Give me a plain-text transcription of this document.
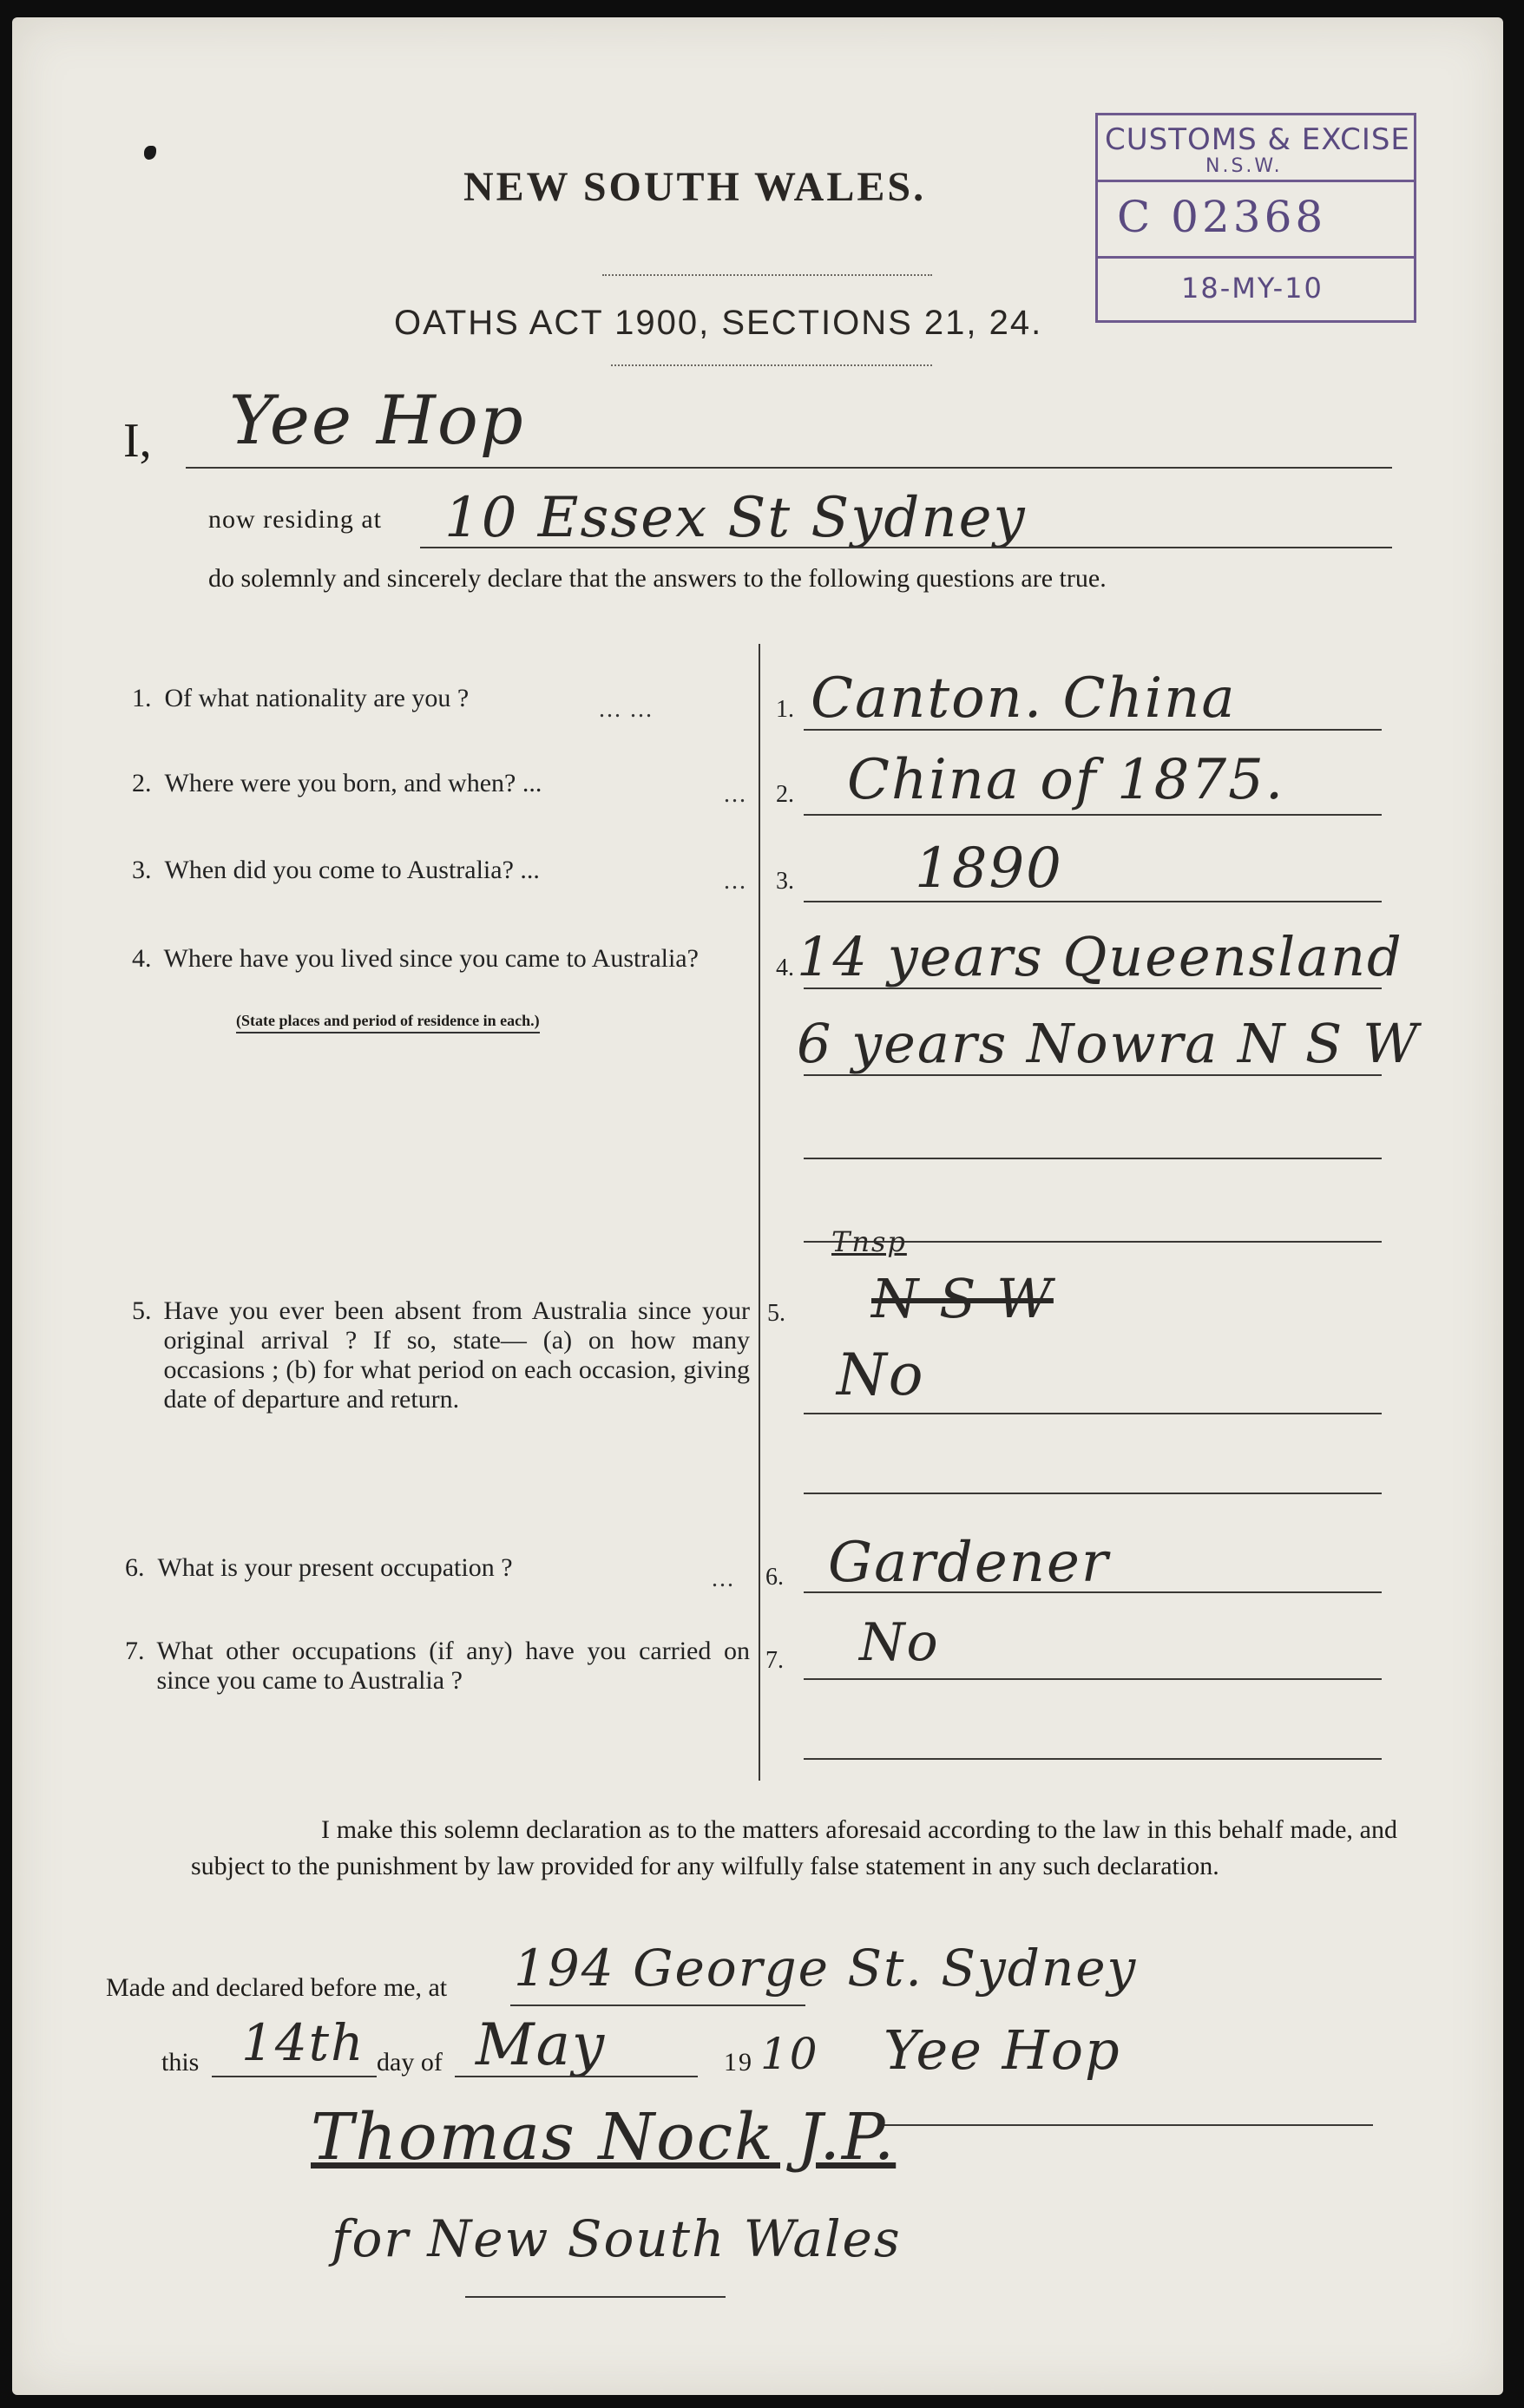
NEW SOUTH WALES.
OATHS ACT 1900, SECTIONS 21, 24.
CUSTOMS & EXCISE
N.S.W.
C 02368
18-MY-10
I, Yee Hop
now residing at 10 Essex St Sydney
do solemnly and sincerely declare that the answers to the following questions are true.
1. Of what nationality are you ?	... ...	1. Canton. China
2. Where were you born, and when? ...	... 2. China of 1875.
3. When did you come to Australia? ...	... 3. 1890
4. Where have you lived since you came to Australia?
(State places and period of residence in each.)
4. 14 years Queensland
6 years Nowra N S W
5. Have you ever been absent from Australia since your original arrival ? If so, state— (a) on how many occasions ; (b) for what period on each occasion, giving date of departure and return.
5.
Tnsp
N S W
No
6. What is your present occupation ?	... 6. Gardener
7. What other occupations (if any) have you carried on since you came to Australia ?
7. No
I make this solemn declaration as to the matters aforesaid according to the law in this behalf made, and subject to the punishment by law provided for any wilfully false statement in any such declaration.
Made and declared before me, at 194 George St. Sydney
this 14th day of May	19 10 Yee Hop
Thomas Nock J.P.
for New South Wales
